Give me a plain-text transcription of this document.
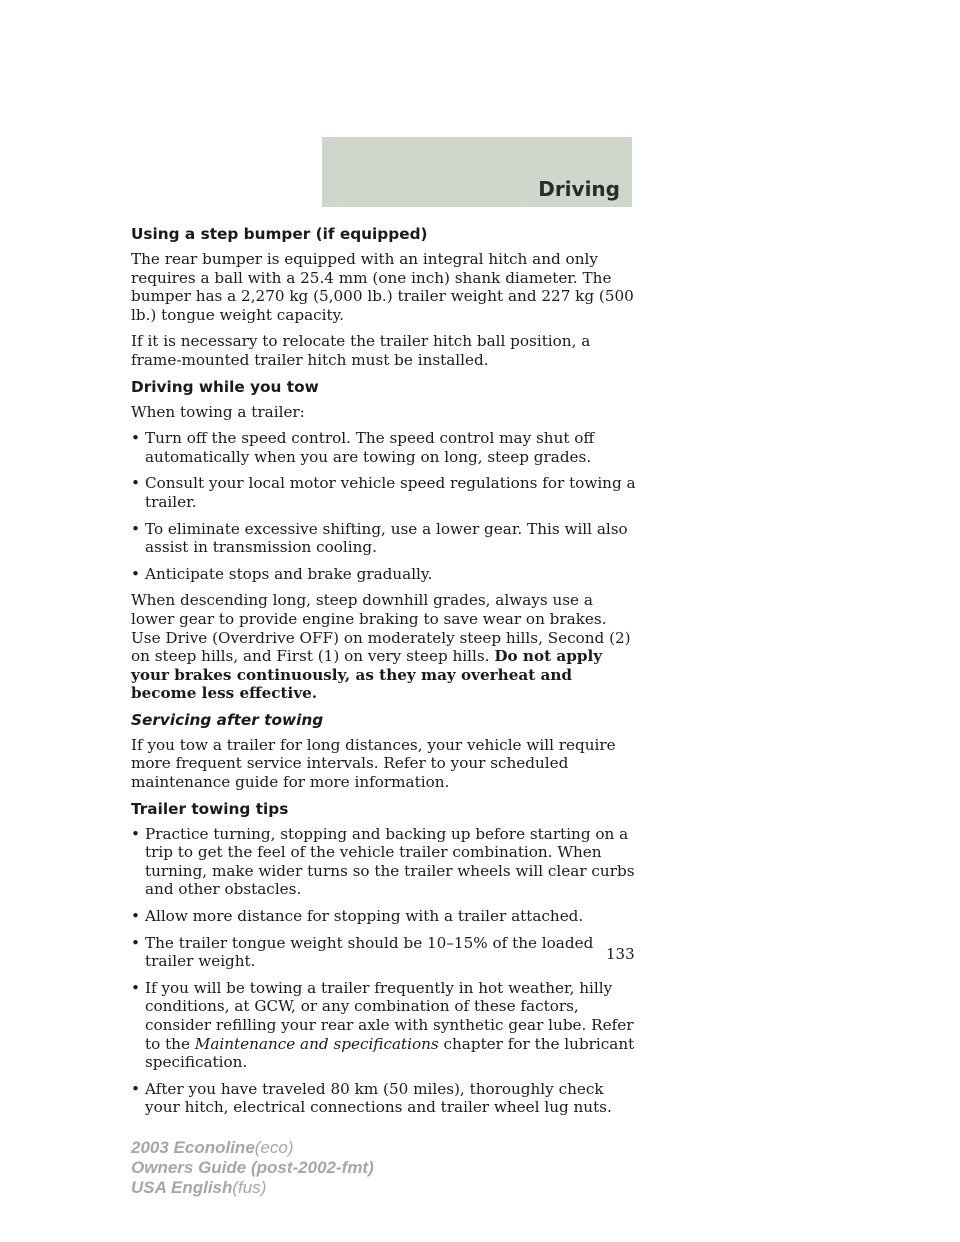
Driving
Using a step bumper (if equipped)

The rear bumper is equipped with an integral hitch and only requires a ball with a 25.4 mm (one inch) shank diameter. The bumper has a 2,270 kg (5,000 lb.) trailer weight and 227 kg (500 lb.) tongue weight capacity.

If it is necessary to relocate the trailer hitch ball position, a frame-mounted trailer hitch must be installed.

Driving while you tow

When towing a trailer:

• Turn off the speed control. The speed control may shut off automatically when you are towing on long, steep grades.
• Consult your local motor vehicle speed regulations for towing a trailer.
• To eliminate excessive shifting, use a lower gear. This will also assist in transmission cooling.
• Anticipate stops and brake gradually.

When descending long, steep downhill grades, always use a lower gear to provide engine braking to save wear on brakes. Use Drive (Overdrive OFF) on moderately steep hills, Second (2) on steep hills, and First (1) on very steep hills. Do not apply your brakes continuously, as they may overheat and become less effective.

Servicing after towing

If you tow a trailer for long distances, your vehicle will require more frequent service intervals. Refer to your scheduled maintenance guide for more information.

Trailer towing tips
• Practice turning, stopping and backing up before starting on a trip to get the feel of the vehicle trailer combination. When turning, make wider turns so the trailer wheels will clear curbs and other obstacles.
• Allow more distance for stopping with a trailer attached.
• The trailer tongue weight should be 10–15% of the loaded trailer weight.
• If you will be towing a trailer frequently in hot weather, hilly conditions, at GCW, or any combination of these factors, consider refilling your rear axle with synthetic gear lube. Refer to the Maintenance and specifications chapter for the lubricant specification.
• After you have traveled 80 km (50 miles), thoroughly check your hitch, electrical connections and trailer wheel lug nuts.
133
2003 Econoline(eco)
Owners Guide (post-2002-fmt)
USA English(fus)
